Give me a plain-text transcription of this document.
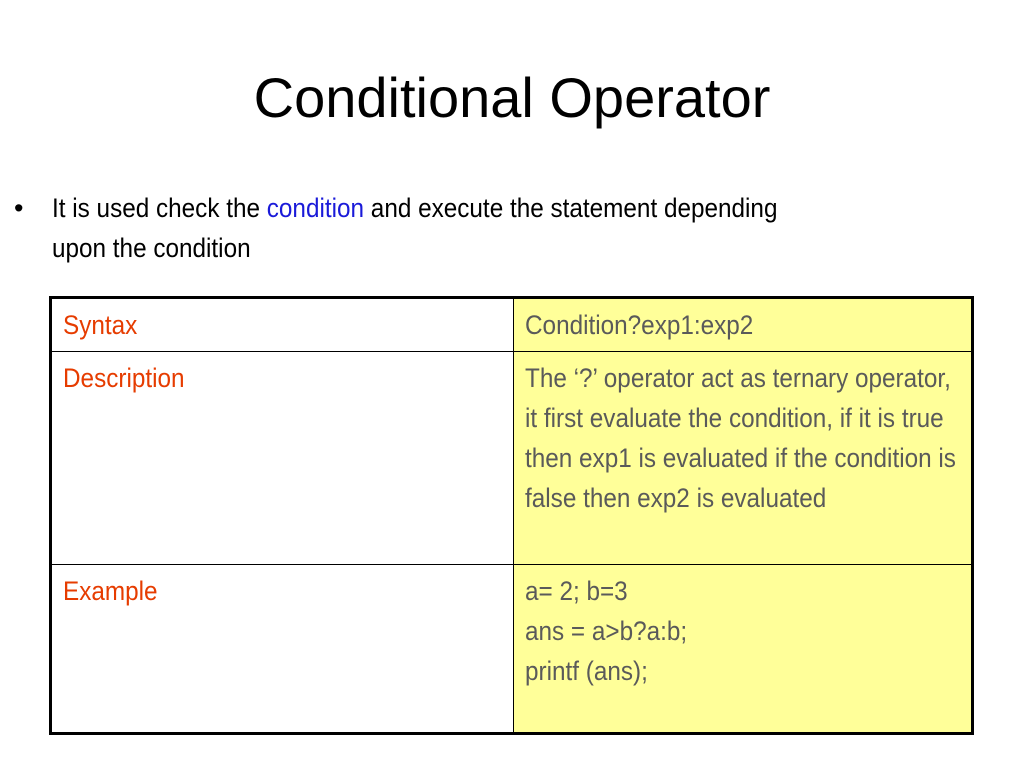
Conditional Operator
•	It is used check the condition and execute the statement depending upon the condition
Syntax	Condition?exp1:exp2

Description	The ‘?’ operator act as ternary operator, it first evaluate the condition, if it is true then exp1 is evaluated if the condition is false then exp2 is evaluated

Example	a= 2; b=3
ans = a>b?a:b;
printf (ans);
